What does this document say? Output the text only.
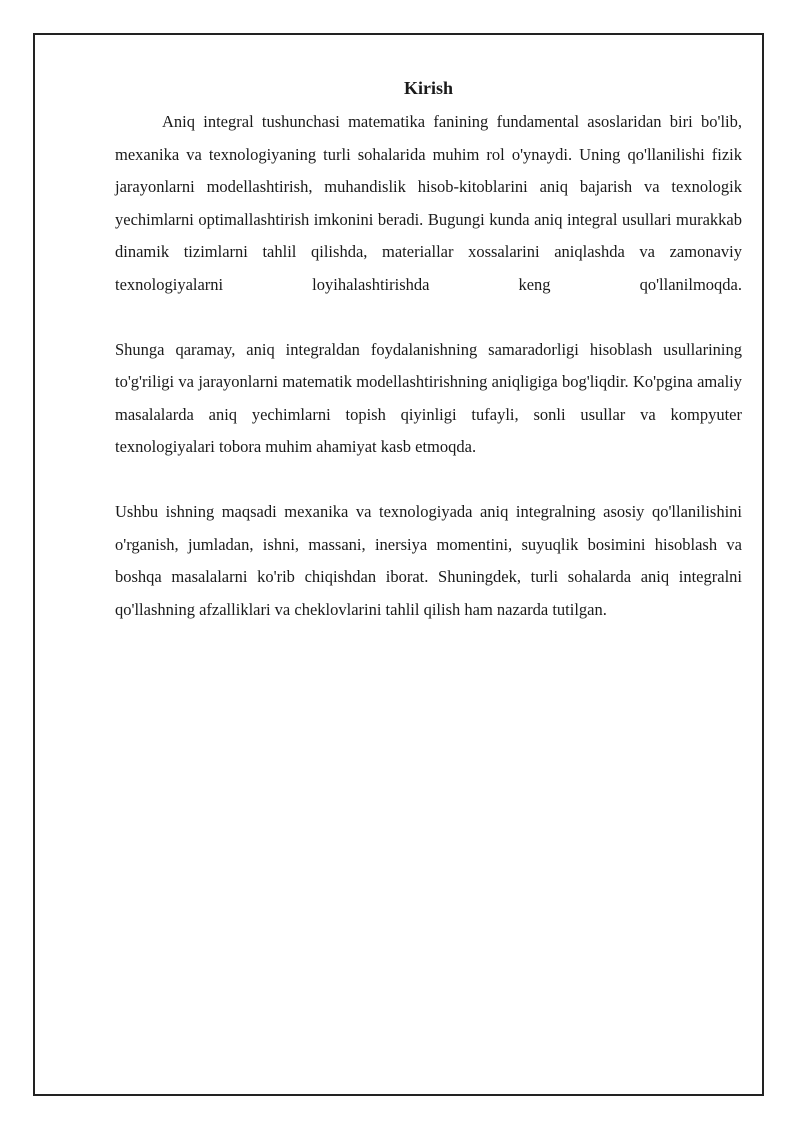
Kirish

Aniq integral tushunchasi matematika fanining fundamental asoslaridan biri bo'lib, mexanika va texnologiyaning turli sohalarida muhim rol o'ynaydi. Uning qo'llanilishi fizik jarayonlarni modellashtirish, muhandislik hisob-kitoblarini aniq bajarish va texnologik yechimlarni optimallashtirish imkonini beradi. Bugungi kunda aniq integral usullari murakkab dinamik tizimlarni tahlil qilishda, materiallar xossalarini aniqlashda va zamonaviy texnologiyalarni loyihalashtirishda keng qo'llanilmoqda.

Shunga qaramay, aniq integraldan foydalanishning samaradorligi hisoblash usullarining to'g'riligi va jarayonlarni matematik modellashtirishning aniqligiga bog'liqdir. Ko'pgina amaliy masalalarda aniq yechimlarni topish qiyinligi tufayli, sonli usullar va kompyuter texnologiyalari tobora muhim ahamiyat kasb etmoqda.

Ushbu ishning maqsadi mexanika va texnologiyada aniq integralning asosiy qo'llanilishini o'rganish, jumladan, ishni, massani, inersiya momentini, suyuqlik bosimini hisoblash va boshqa masalalarni ko'rib chiqishdan iborat. Shuningdek, turli sohalarda aniq integralni qo'llashning afzalliklari va cheklovlarini tahlil qilish ham nazarda tutilgan.
